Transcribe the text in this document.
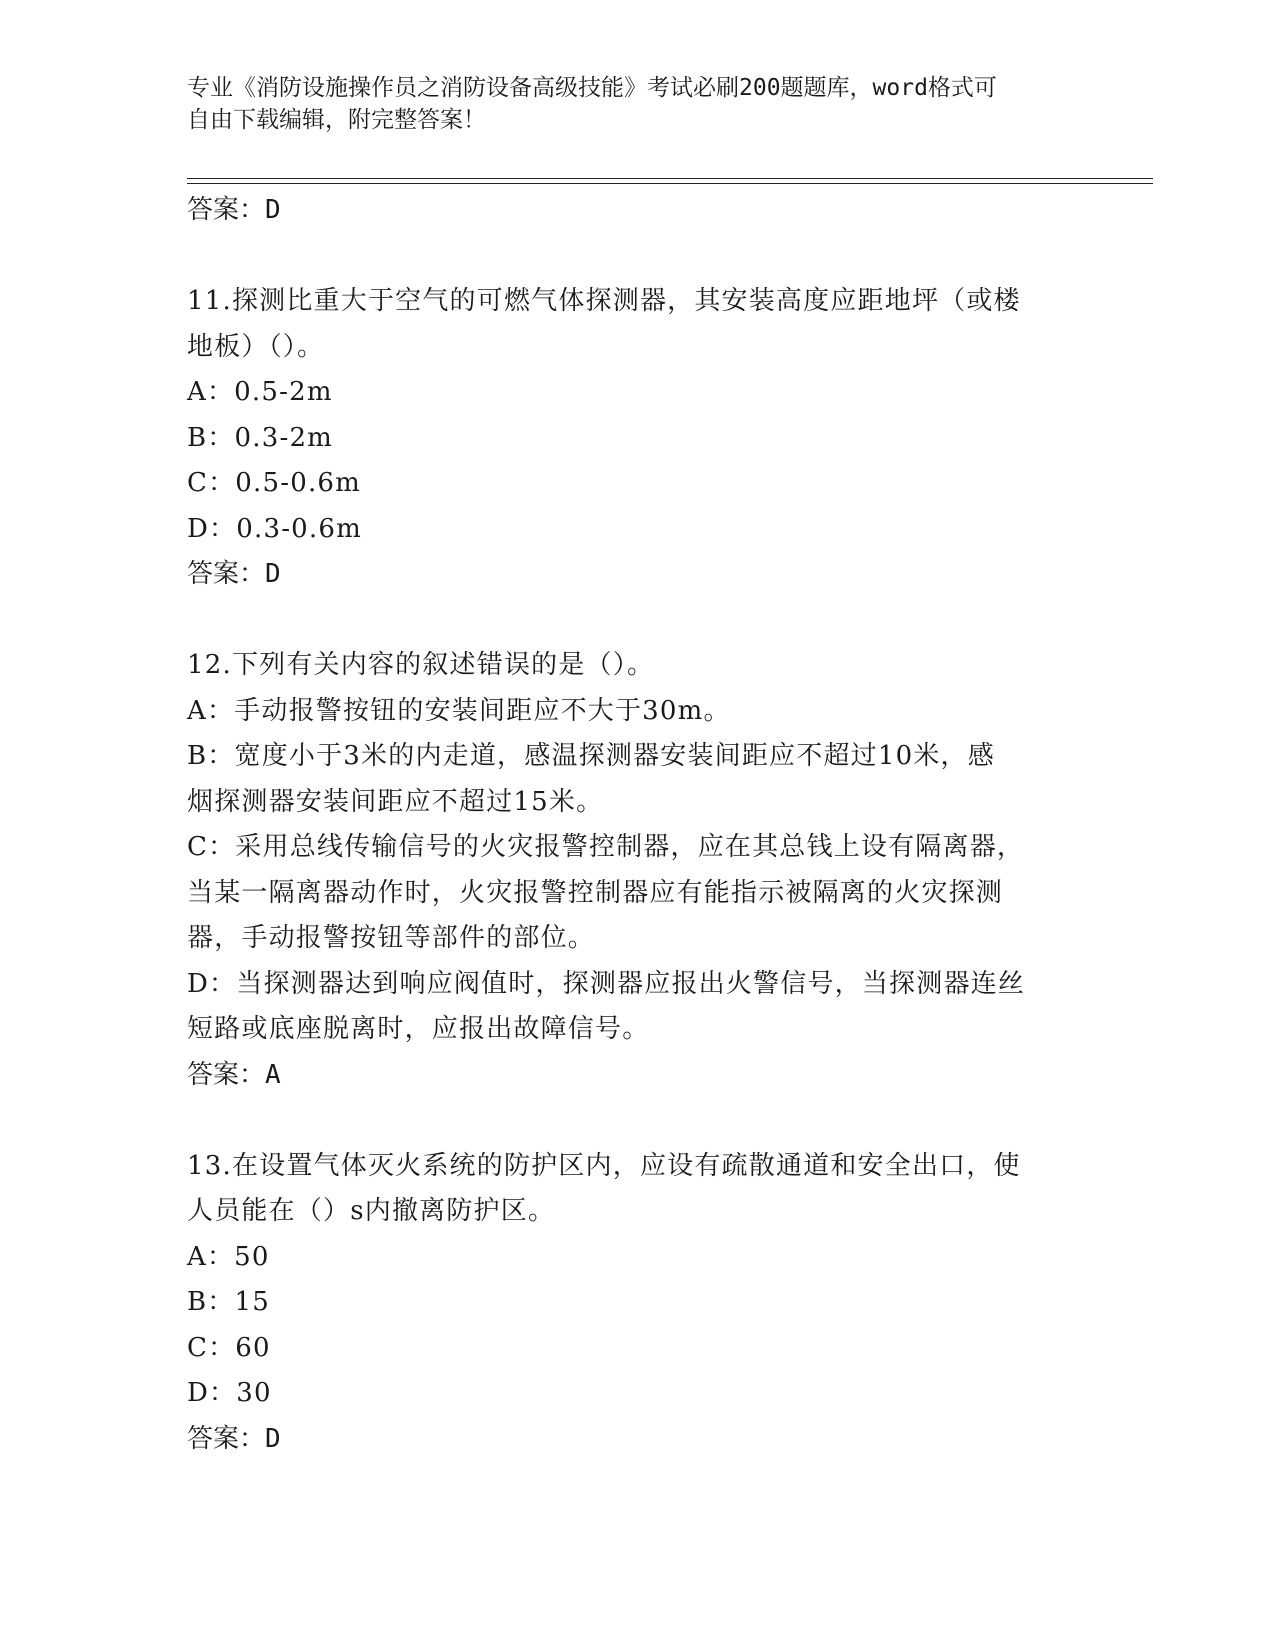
专业《消防设施操作员之消防设备高级技能》考试必刷200题题库，word格式可
自由下载编辑，附完整答案！
答案：D
11.探测比重大于空气的可燃气体探测器，其安装高度应距地坪（或楼
地板）（）。
A：0.5-2m
B：0.3-2m
C：0.5-0.6m
D：0.3-0.6m
答案：D
12.下列有关内容的叙述错误的是（）。
A：手动报警按钮的安装间距应不大于30m。
B：宽度小于3米的内走道，感温探测器安装间距应不超过10米，感
烟探测器安装间距应不超过15米。
C：采用总线传输信号的火灾报警控制器，应在其总钱上设有隔离器，
当某一隔离器动作时，火灾报警控制器应有能指示被隔离的火灾探测
器，手动报警按钮等部件的部位。
D：当探测器达到响应阀值时，探测器应报出火警信号，当探测器连丝
短路或底座脱离时，应报出故障信号。
答案：A
13.在设置气体灭火系统的防护区内，应设有疏散通道和安全出口，使
人员能在（）s内撤离防护区。
A：50
B：15
C：60
D：30
答案：D
